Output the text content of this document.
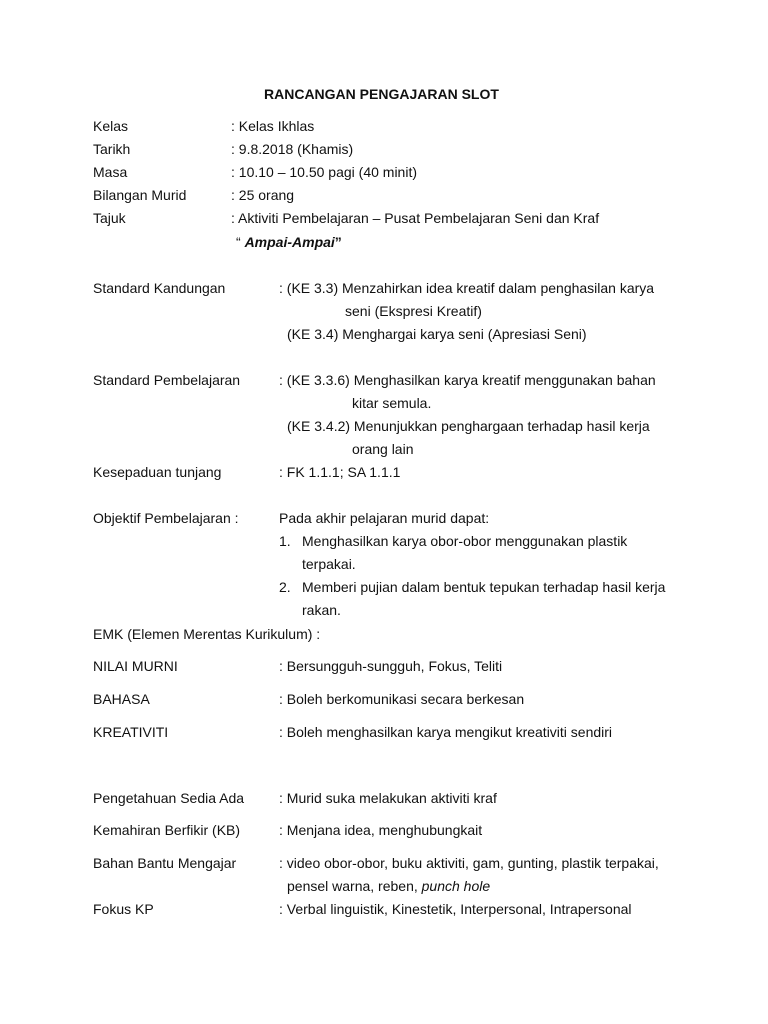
RANCANGAN PENGAJARAN SLOT
Kelas	: Kelas Ikhlas
Tarikh	: 9.8.2018 (Khamis)
Masa	: 10.10 – 10.50 pagi (40 minit)
Bilangan Murid	: 25 orang
Tajuk	: Aktiviti Pembelajaran – Pusat Pembelajaran Seni dan Kraf
“ Ampai-Ampai”
Standard Kandungan	: (KE 3.3) Menzahirkan idea kreatif dalam penghasilan karya
seni (Ekspresi Kreatif)
(KE 3.4) Menghargai karya seni (Apresiasi Seni)
Standard Pembelajaran	: (KE 3.3.6) Menghasilkan karya kreatif menggunakan bahan
kitar semula.
(KE 3.4.2) Menunjukkan penghargaan terhadap hasil kerja
orang lain
Kesepaduan tunjang	: FK 1.1.1; SA 1.1.1
Objektif Pembelajaran :	Pada akhir pelajaran murid dapat:
1. Menghasilkan karya obor-obor menggunakan plastik
terpakai.
2. Memberi pujian dalam bentuk tepukan terhadap hasil kerja
rakan.
EMK (Elemen Merentas Kurikulum) :
NILAI MURNI	: Bersungguh-sungguh, Fokus, Teliti
BAHASA	: Boleh berkomunikasi secara berkesan
KREATIVITI	: Boleh menghasilkan karya mengikut kreativiti sendiri
Pengetahuan Sedia Ada : Murid suka melakukan aktiviti kraf
Kemahiran Berfikir (KB)	: Menjana idea, menghubungkait
Bahan Bantu Mengajar	: video obor-obor, buku aktiviti, gam, gunting, plastik terpakai,
pensel warna, reben, punch hole
Fokus KP	: Verbal linguistik, Kinestetik, Interpersonal, Intrapersonal
